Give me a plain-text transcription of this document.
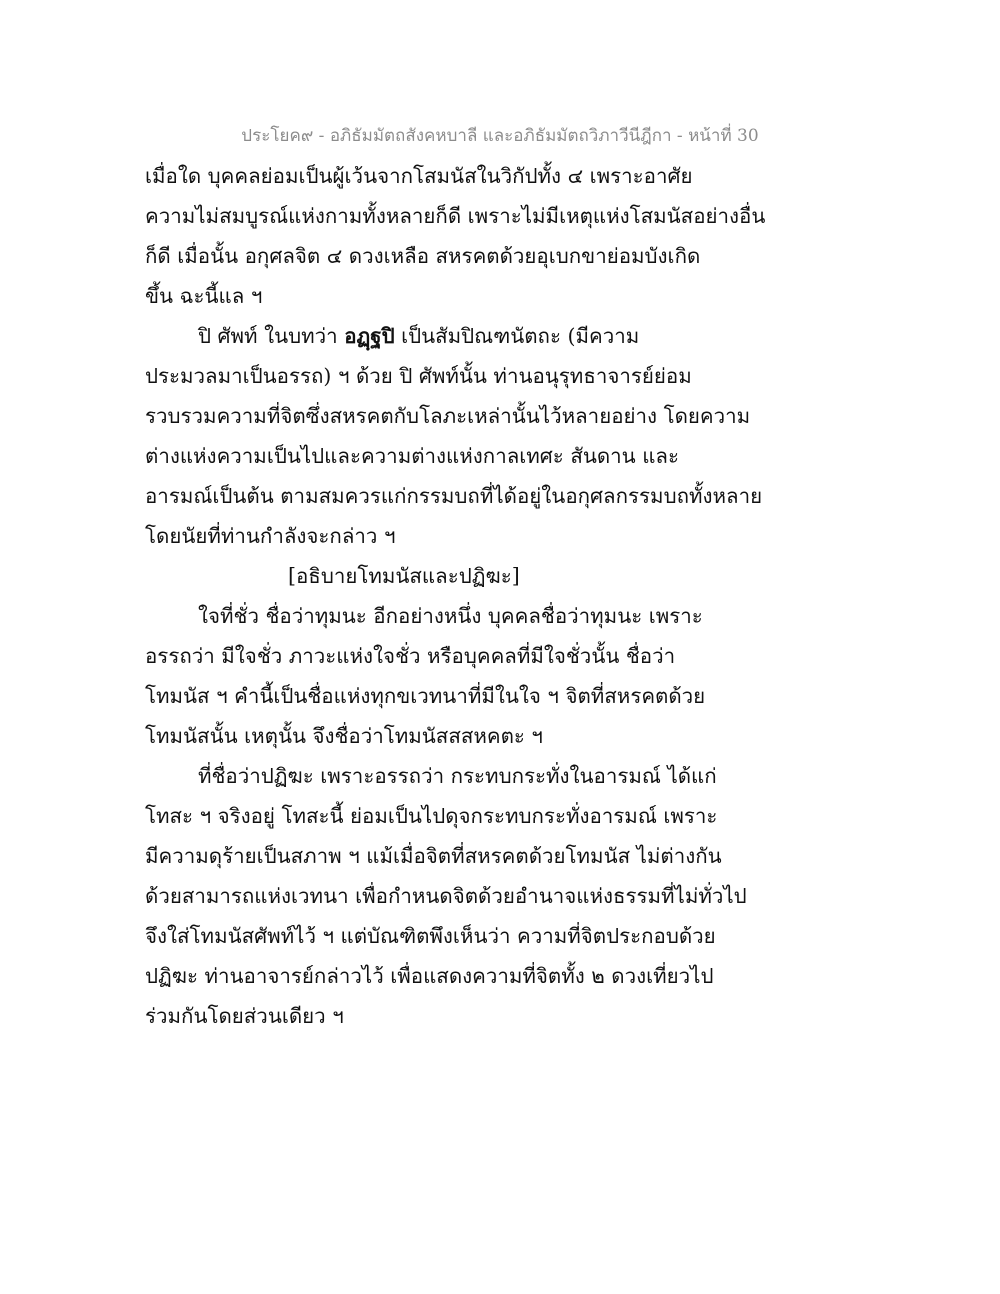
ประโยค๙ - อภิธัมมัตถสังคหบาลี และอภิธัมมัตถวิภาวีนีฎีกา - หน้าที่ 30
เมื่อใด บุคคลย่อมเป็นผู้เว้นจากโสมนัสในวิกัปทั้ง ๔ เพราะอาศัย
ความไม่สมบูรณ์แห่งกามทั้งหลายก็ดี เพราะไม่มีเหตุแห่งโสมนัสอย่างอื่น
ก็ดี เมื่อนั้น อกุศลจิต ๔ ดวงเหลือ สหรคตด้วยอุเบกขาย่อมบังเกิด
ขึ้น ฉะนี้แล ฯ
ปิ ศัพท์ ในบทว่า อฏฺฐปิ เป็นสัมปิณฑนัตถะ (มีความ
ประมวลมาเป็นอรรถ) ฯ ด้วย ปิ ศัพท์นั้น ท่านอนุรุทธาจารย์ย่อม
รวบรวมความที่จิตซึ่งสหรคตกับโลภะเหล่านั้นไว้หลายอย่าง โดยความ
ต่างแห่งความเป็นไปและความต่างแห่งกาลเทศะ สันดาน และ
อารมณ์เป็นต้น ตามสมควรแก่กรรมบถที่ได้อยู่ในอกุศลกรรมบถทั้งหลาย
โดยนัยที่ท่านกำลังจะกล่าว ฯ
[อธิบายโทมนัสและปฏิฆะ]
ใจที่ชั่ว ชื่อว่าทุมนะ อีกอย่างหนึ่ง บุคคลชื่อว่าทุมนะ เพราะ
อรรถว่า มีใจชั่ว ภาวะแห่งใจชั่ว หรือบุคคลที่มีใจชั่วนั้น ชื่อว่า
โทมนัส ฯ คำนี้เป็นชื่อแห่งทุกขเวทนาที่มีในใจ ฯ จิตที่สหรคตด้วย
โทมนัสนั้น เหตุนั้น จึงชื่อว่าโทมนัสสสหคตะ ฯ
ที่ชื่อว่าปฏิฆะ เพราะอรรถว่า กระทบกระทั่งในอารมณ์ ได้แก่
โทสะ ฯ จริงอยู่ โทสะนี้ ย่อมเป็นไปดุจกระทบกระทั่งอารมณ์ เพราะ
มีความดุร้ายเป็นสภาพ ฯ แม้เมื่อจิตที่สหรคตด้วยโทมนัส ไม่ต่างกัน
ด้วยสามารถแห่งเวทนา เพื่อกำหนดจิตด้วยอำนาจแห่งธรรมที่ไม่ทั่วไป
จึงใส่โทมนัสศัพท์ไว้ ฯ แต่บัณฑิตพึงเห็นว่า ความที่จิตประกอบด้วย
ปฏิฆะ ท่านอาจารย์กล่าวไว้ เพื่อแสดงความที่จิตทั้ง ๒ ดวงเที่ยวไป
ร่วมกันโดยส่วนเดียว ฯ
